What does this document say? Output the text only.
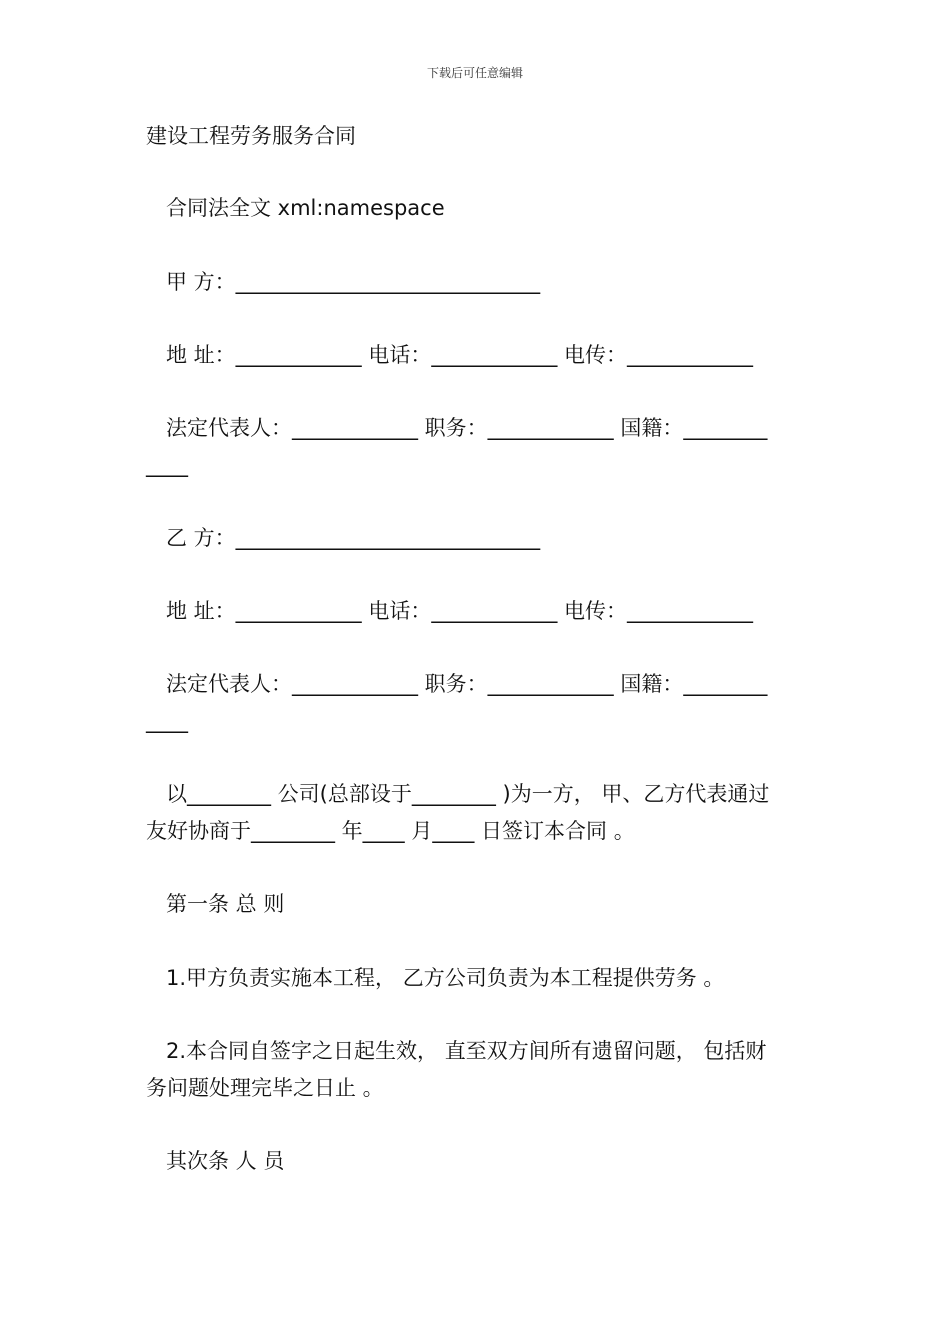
下载后可任意编辑
建设工程劳务服务合同
合同法全文 xml:namespace
甲 方：_____________________________
地 址：____________ 电话：____________ 电传：____________
法定代表人：____________ 职务：____________ 国籍：________
____
乙 方：_____________________________
地 址：____________ 电话：____________ 电传：____________
法定代表人：____________ 职务：____________ 国籍：________
____
以________ 公司(总部设于________ )为一方， 甲、乙方代表通过
友好协商于________ 年____ 月____ 日签订本合同 。
第一条 总 则
1.甲方负责实施本工程， 乙方公司负责为本工程提供劳务 。
2.本合同自签字之日起生效， 直至双方间所有遗留问题， 包括财
务问题处理完毕之日止 。
其次条 人 员
